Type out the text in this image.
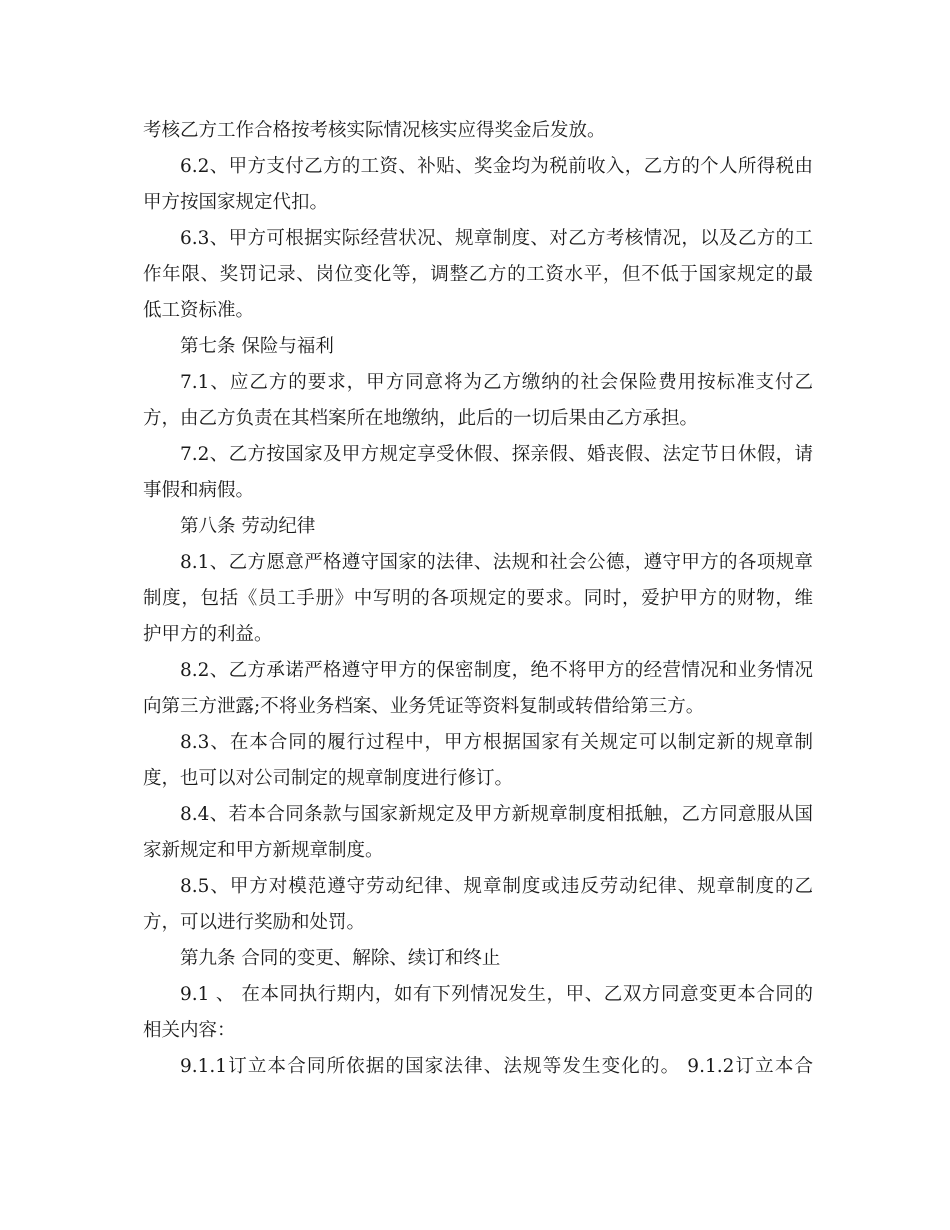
考核乙方工作合格按考核实际情况核实应得奖金后发放。

6.2、甲方支付乙方的工资、补贴、奖金均为税前收入，乙方的个人所得税由

甲方按国家规定代扣。

6.3、甲方可根据实际经营状况、规章制度、对乙方考核情况，以及乙方的工

作年限、奖罚记录、岗位变化等，调整乙方的工资水平，但不低于国家规定的最

低工资标准。

第七条 保险与福利

7.1、应乙方的要求，甲方同意将为乙方缴纳的社会保险费用按标准支付乙

方，由乙方负责在其档案所在地缴纳，此后的一切后果由乙方承担。

7.2、乙方按国家及甲方规定享受休假、探亲假、婚丧假、法定节日休假，请

事假和病假。

第八条 劳动纪律

8.1、乙方愿意严格遵守国家的法律、法规和社会公德，遵守甲方的各项规章

制度，包括《员工手册》中写明的各项规定的要求。同时，爱护甲方的财物，维

护甲方的利益。

8.2、乙方承诺严格遵守甲方的保密制度，绝不将甲方的经营情况和业务情况

向第三方泄露;不将业务档案、业务凭证等资料复制或转借给第三方。

8.3、在本合同的履行过程中，甲方根据国家有关规定可以制定新的规章制

度，也可以对公司制定的规章制度进行修订。

8.4、若本合同条款与国家新规定及甲方新规章制度相抵触，乙方同意服从国

家新规定和甲方新规章制度。

8.5、甲方对模范遵守劳动纪律、规章制度或违反劳动纪律、规章制度的乙

方，可以进行奖励和处罚。

第九条 合同的变更、解除、续订和终止

9.1 、 在本同执行期内，如有下列情况发生，甲、乙双方同意变更本合同的

相关内容：

9.1.1订立本合同所依据的国家法律、法规等发生变化的。 9.1.2订立本合
